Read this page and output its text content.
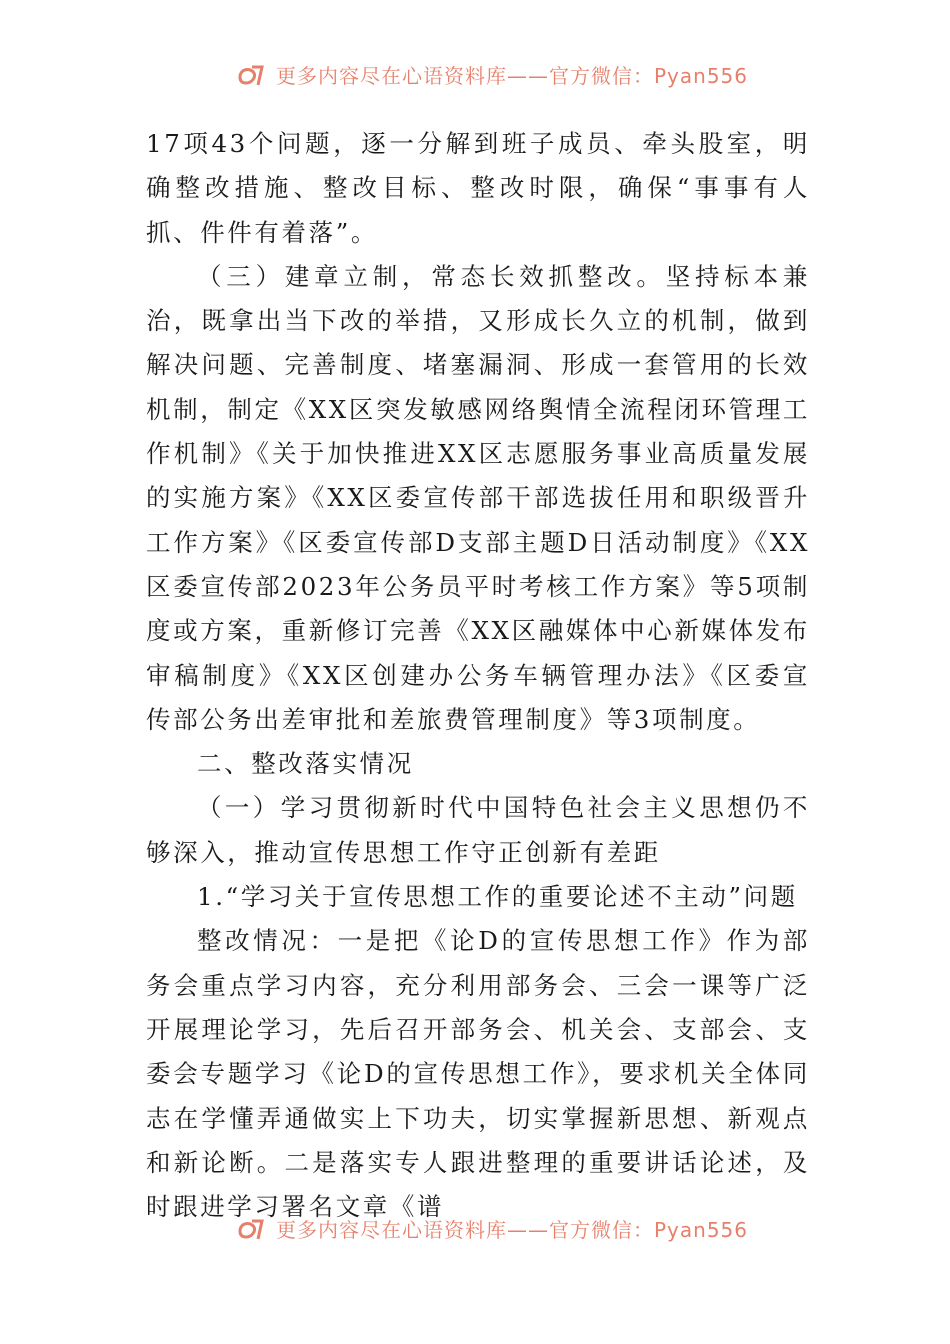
更多内容尽在心语资料库——官方微信：Pyan556

17项43个问题，逐一分解到班子成员、牵头股室，明确整改措施、整改目标、整改时限，确保“事事有人抓、件件有着落”。

（三）建章立制，常态长效抓整改。坚持标本兼治，既拿出当下改的举措，又形成长久立的机制，做到解决问题、完善制度、堵塞漏洞、形成一套管用的长效机制，制定《XX区突发敏感网络舆情全流程闭环管理工作机制》《关于加快推进XX区志愿服务事业高质量发展的实施方案》《XX区委宣传部干部选拔任用和职级晋升工作方案》《区委宣传部D支部主题D日活动制度》《XX区委宣传部2023年公务员平时考核工作方案》等5项制度或方案，重新修订完善《XX区融媒体中心新媒体发布审稿制度》《XX区创建办公务车辆管理办法》《区委宣传部公务出差审批和差旅费管理制度》等3项制度。

二、整改落实情况

（一）学习贯彻新时代中国特色社会主义思想仍不够深入，推动宣传思想工作守正创新有差距

1.“学习关于宣传思想工作的重要论述不主动”问题

整改情况：一是把《论D的宣传思想工作》作为部务会重点学习内容，充分利用部务会、三会一课等广泛开展理论学习，先后召开部务会、机关会、支部会、支委会专题学习《论D的宣传思想工作》，要求机关全体同志在学懂弄通做实上下功夫，切实掌握新思想、新观点和新论断。二是落实专人跟进整理的重要讲话论述，及时跟进学习署名文章《谱

更多内容尽在心语资料库——官方微信：Pyan556
